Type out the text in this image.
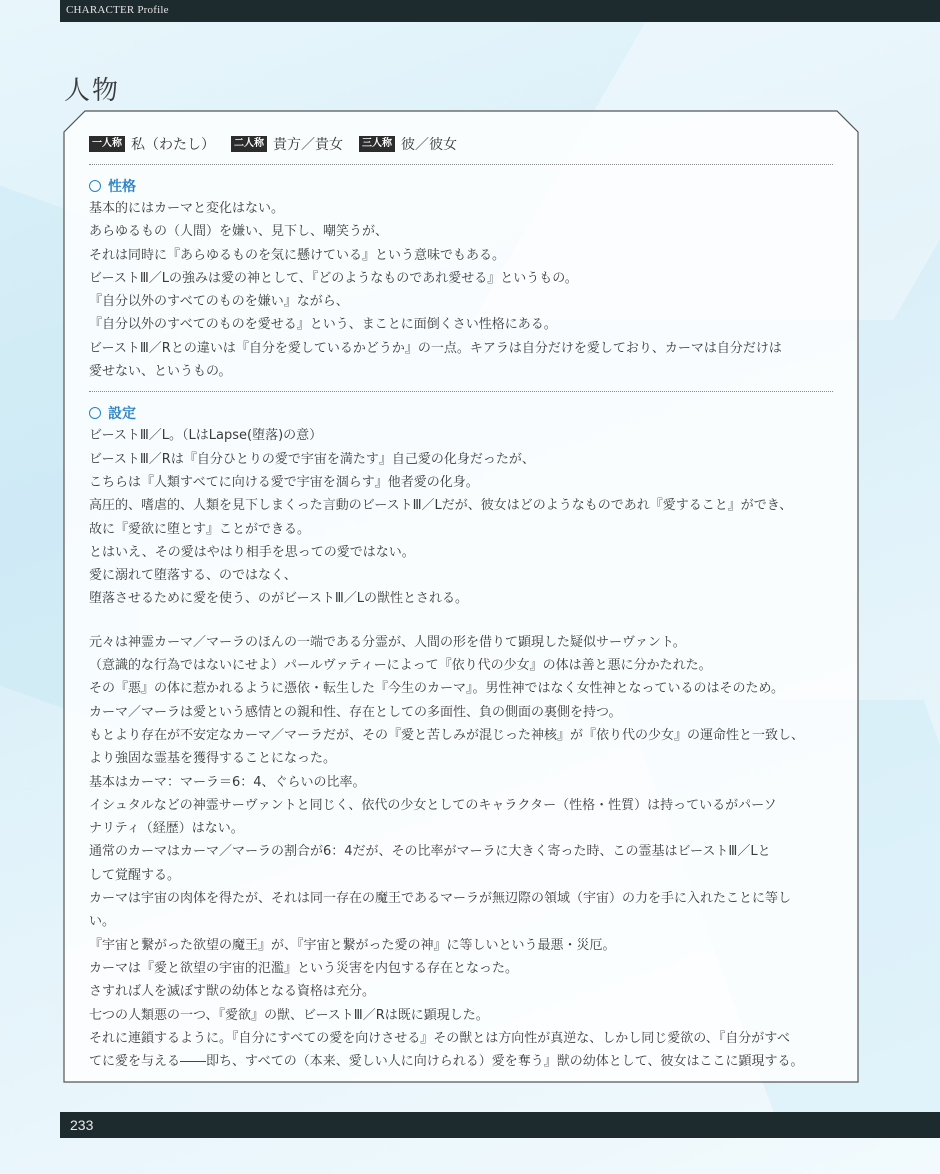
CHARACTER Profile
人物
一人称 私（わたし）	二人称 貴方／貴女	三人称 彼／彼女
性格
基本的にはカーマと変化はない。
あらゆるもの（人間）を嫌い、見下し、嘲笑うが、
それは同時に『あらゆるものを気に懸けている』という意味でもある。
ビーストⅢ／Lの強みは愛の神として、『どのようなものであれ愛せる』というもの。
『自分以外のすべてのものを嫌い』ながら、
『自分以外のすべてのものを愛せる』という、まことに面倒くさい性格にある。
ビーストⅢ／Rとの違いは『自分を愛しているかどうか』の一点。キアラは自分だけを愛しており、カーマは自分だけは
愛せない、というもの。
設定
ビーストⅢ／L。（LはLapse(堕落)の意）
ビーストⅢ／Rは『自分ひとりの愛で宇宙を満たす』自己愛の化身だったが、
こちらは『人類すべてに向ける愛で宇宙を涸らす』他者愛の化身。
高圧的、嗜虐的、人類を見下しまくった言動のビーストⅢ／Lだが、彼女はどのようなものであれ『愛すること』ができ、
故に『愛欲に堕とす』ことができる。
とはいえ、その愛はやはり相手を思っての愛ではない。
愛に溺れて堕落する、のではなく、
堕落させるために愛を使う、のがビーストⅢ／Lの獣性とされる。
元々は神霊カーマ／マーラのほんの一端である分霊が、人間の形を借りて顕現した疑似サーヴァント。
（意識的な行為ではないにせよ）パールヴァティーによって『依り代の少女』の体は善と悪に分かたれた。
その『悪』の体に惹かれるように憑依・転生した『今生のカーマ』。男性神ではなく女性神となっているのはそのため。
カーマ／マーラは愛という感情との親和性、存在としての多面性、負の側面の裏側を持つ。
もとより存在が不安定なカーマ／マーラだが、その『愛と苦しみが混じった神核』が『依り代の少女』の運命性と一致し、
より強固な霊基を獲得することになった。
基本はカーマ：マーラ＝6：4、ぐらいの比率。
イシュタルなどの神霊サーヴァントと同じく、依代の少女としてのキャラクター（性格・性質）は持っているがパーソ
ナリティ（経歴）はない。
通常のカーマはカーマ／マーラの割合が6：4だが、その比率がマーラに大きく寄った時、この霊基はビーストⅢ／Lと
して覚醒する。
カーマは宇宙の肉体を得たが、それは同一存在の魔王であるマーラが無辺際の領域（宇宙）の力を手に入れたことに等し
い。
『宇宙と繋がった欲望の魔王』が、『宇宙と繋がった愛の神』に等しいという最悪・災厄。
カーマは『愛と欲望の宇宙的氾濫』という災害を内包する存在となった。
さすれば人を滅ぼす獣の幼体となる資格は充分。
七つの人類悪の一つ、『愛欲』の獣、ビーストⅢ／Rは既に顕現した。
それに連鎖するように。『自分にすべての愛を向けさせる』その獣とは方向性が真逆な、しかし同じ愛欲の、『自分がすべ
てに愛を与える――即ち、すべての（本来、愛しい人に向けられる）愛を奪う』獣の幼体として、彼女はここに顕現する。
233
